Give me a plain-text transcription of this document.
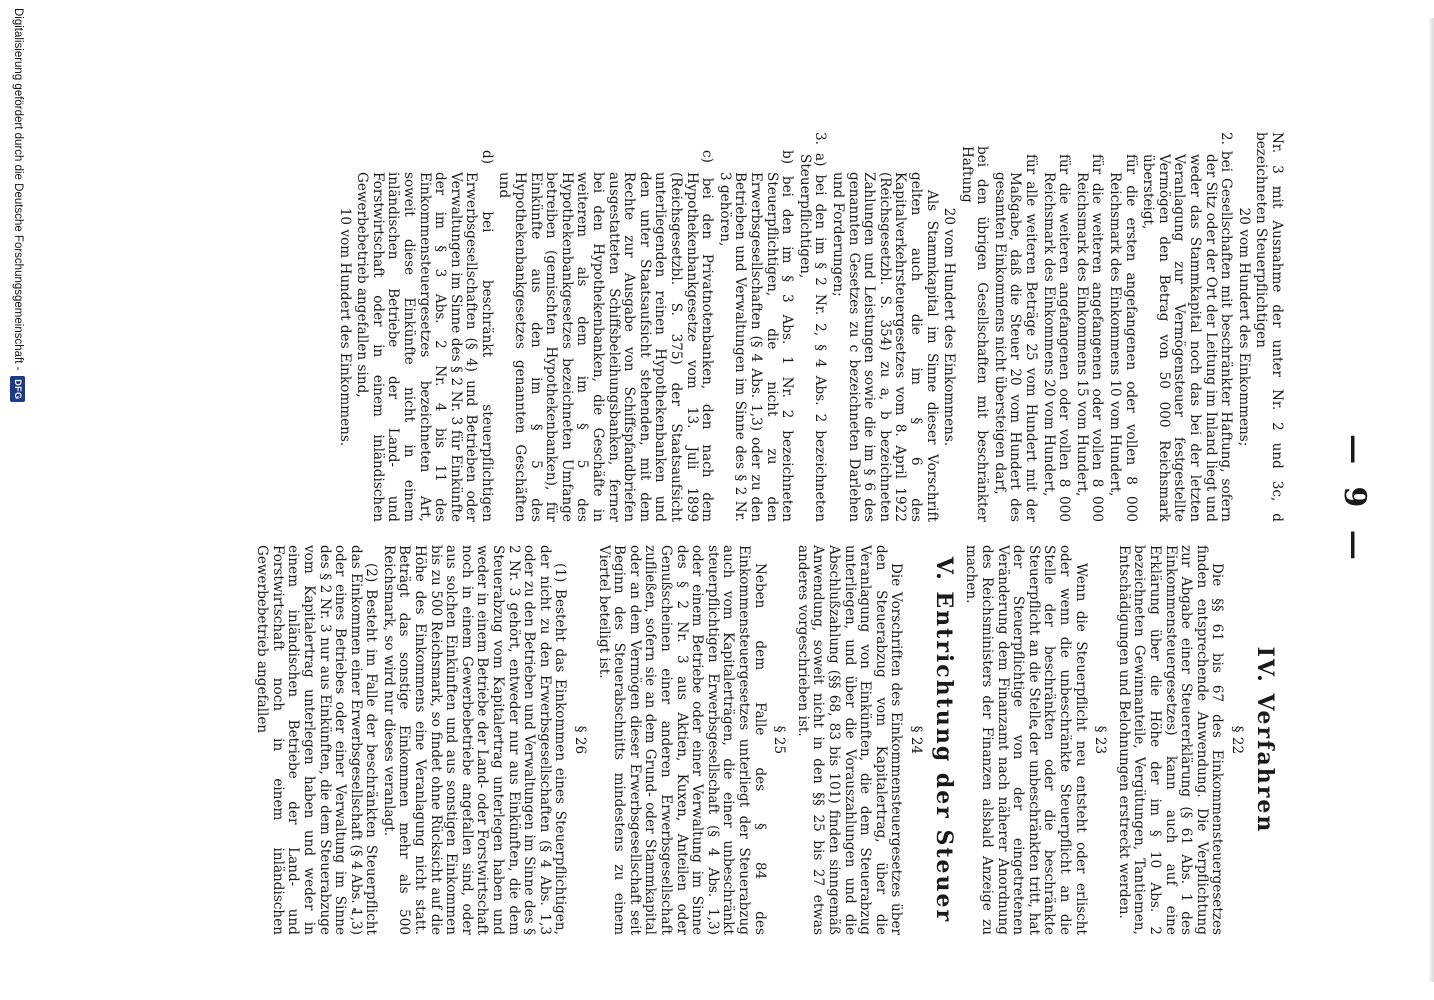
— 9 —

Nr. 3 mit Ausnahme der unter Nr. 2 und 3c, d bezeichneten Steuerpflichtigen

20 vom Hundert des Einkommens;

2. bei Gesellschaften mit beschränkter Haftung, sofern der Sitz oder der Ort der Leitung im Inland liegt und weder das Stammkapital noch das bei der letzten Veranlagung zur Vermögensteuer festgestellte Vermögen den Betrag von 50 000 Reichsmark übersteigt,

für die ersten angefangenen oder vollen 8 000 Reichsmark des Einkommens 10 vom Hundert,

für die weiteren angefangenen oder vollen 8 000 Reichsmark des Einkommens 15 vom Hundert,

für die weiteren angefangenen oder vollen 8 000 Reichsmark des Einkommens 20 vom Hundert,

für alle weiteren Beträge 25 vom Hundert mit der Maßgabe, daß die Steuer 20 vom Hundert des gesamten Einkommens nicht übersteigen darf,

bei den übrigen Gesellschaften mit beschränkter Haftung

20 vom Hundert des Einkommens.

Als Stammkapital im Sinne dieser Vorschrift gelten auch die im § 6 des Kapitalverkehrsteuergesetzes vom 8. April 1922 (Reichsgesetzbl. S. 354) zu a, b bezeichneten Zahlungen und Leistungen sowie die im § 6 des genannten Gesetzes zu c bezeichneten Darlehen und Forderungen;

3. a) bei den im § 2 Nr. 2, § 4 Abs. 2 bezeichneten Steuerpflichtigen,

b) bei den im § 3 Abs. 1 Nr. 2 bezeichneten Steuerpflichtigen, die nicht zu den Erwerbsgesellschaften (§ 4 Abs. 1,3) oder zu den Betrieben und Verwaltungen im Sinne des § 2 Nr. 3 gehören,

c) bei den Privatnotenbanken, den nach dem Hypothekenbankgesetze vom 13. Juli 1899 (Reichsgesetzbl. S. 375) der Staatsaufsicht unterliegenden reinen Hypothekenbanken und den unter Staatsaufsicht stehenden, mit dem Rechte zur Ausgabe von Schiffspfandbriefen ausgestatteten Schiffsbeleihungsbanken, ferner bei den Hypothekenbanken, die Geschäfte in weiterem als dem im § 5 des Hypothekenbankgesetzes bezeichneten Umfange betreiben (gemischten Hypothekenbanken), für Einkünfte aus den im § 5 des Hypothekenbankgesetzes genannten Geschäften und

d) bei beschränkt steuerpflichtigen Erwerbsgesellschaften (§ 4) und Betrieben oder Verwaltungen im Sinne des § 2 Nr. 3 für Einkünfte der im § 3 Abs. 2 Nr. 4 bis 11 des Einkommensteuergesetzes bezeichneten Art, soweit diese Einkünfte nicht in einem inländischen Betriebe der Land- und Forstwirtschaft oder in einem inländischen Gewerbebetrieb angefallen sind,

10 vom Hundert des Einkommens.

IV. Verfahren
§ 22

Die §§ 61 bis 67 des Einkommensteuergesetzes finden entsprechende Anwendung. Die Verpflichtung zur Abgabe einer Steuererklärung (§ 61 Abs. 1 des Einkommensteuergesetzes) kann auch auf eine Erklärung über die Höhe der im § 10 Abs. 2 bezeichneten Gewinnanteile, Vergütungen, Tantiemen, Entschädigungen und Belohnungen erstreckt werden.

§ 23

Wenn die Steuerpflicht neu entsteht oder erlischt oder wenn die unbeschränkte Steuerpflicht an die Stelle der beschränkten oder die beschränkte Steuerpflicht an die Stelle der unbeschränkten tritt, hat der Steuerpflichtige von der eingetretenen Veränderung dem Finanzamt nach näherer Anordnung des Reichsministers der Finanzen alsbald Anzeige zu machen.

V. Entrichtung der Steuer
§ 24

Die Vorschriften des Einkommensteuergesetzes über den Steuerabzug vom Kapitalertrag, über die Veranlagung von Einkünften, die dem Steuerabzug unterliegen, und über die Vorauszahlungen und die Abschlußzahlung (§§ 68, 83 bis 101) finden sinngemäß Anwendung, soweit nicht in den §§ 25 bis 27 etwas anderes vorgeschrieben ist.

§ 25

Neben dem Falle des § 84 des Einkommensteuergesetzes unterliegt der Steuerabzug auch vom Kapitalerträgen, die einer unbeschränkt steuerpflichtigen Erwerbsgesellschaft (§ 4 Abs. 1,3) oder einem Betriebe oder einer Verwaltung im Sinne des § 2 Nr. 3 aus Aktien, Kuxen, Anteilen oder Genußscheinen einer anderen Erwerbsgesellschaft zufließen, sofern sie an dem Grund- oder Stammkapital oder an dem Vermögen dieser Erwerbsgesellschaft seit Beginn des Steuerabschnitts mindestens zu einem Viertel beteiligt ist.

§ 26

(1) Besteht das Einkommen eines Steuerpflichtigen, der nicht zu den Erwerbsgesellschaften (§ 4 Abs. 1,3 oder zu den Betrieben und Verwaltungen im Sinne des § 2 Nr. 3 gehört, entweder nur aus Einkünften, die dem Steuerabzug vom Kapitalertrag unterlegen haben und weder in einem Betriebe der Land- oder Forstwirtschaft noch in einem Gewerbebetriebe angefallen sind, oder aus solchen Einkünften und aus sonstigen Einkommen bis zu 500 Reichsmark, so findet ohne Rücksicht auf die Höhe des Einkommens eine Veranlagung nicht statt. Beträgt das sonstige Einkommen mehr als 500 Reichsmark, so wird nur dieses veranlagt.

(2) Besteht im Falle der beschränkten Steuerpflicht das Einkommen einer Erwerbsgesellschaft (§ 4 Abs. 1,3) oder eines Betriebes oder einer Verwaltung im Sinne des § 2 Nr. 3 nur aus Einkünften, die dem Steuerabzuge vom Kapitalertrag unterlegen haben und weder in einem inländischen Betriebe der Land- und Forstwirtschaft noch in einem inländischen Gewerbebetrieb angefallen

Digitalisierung gefördert durch die Deutsche Forschungsgemeinschaft -
DFG
